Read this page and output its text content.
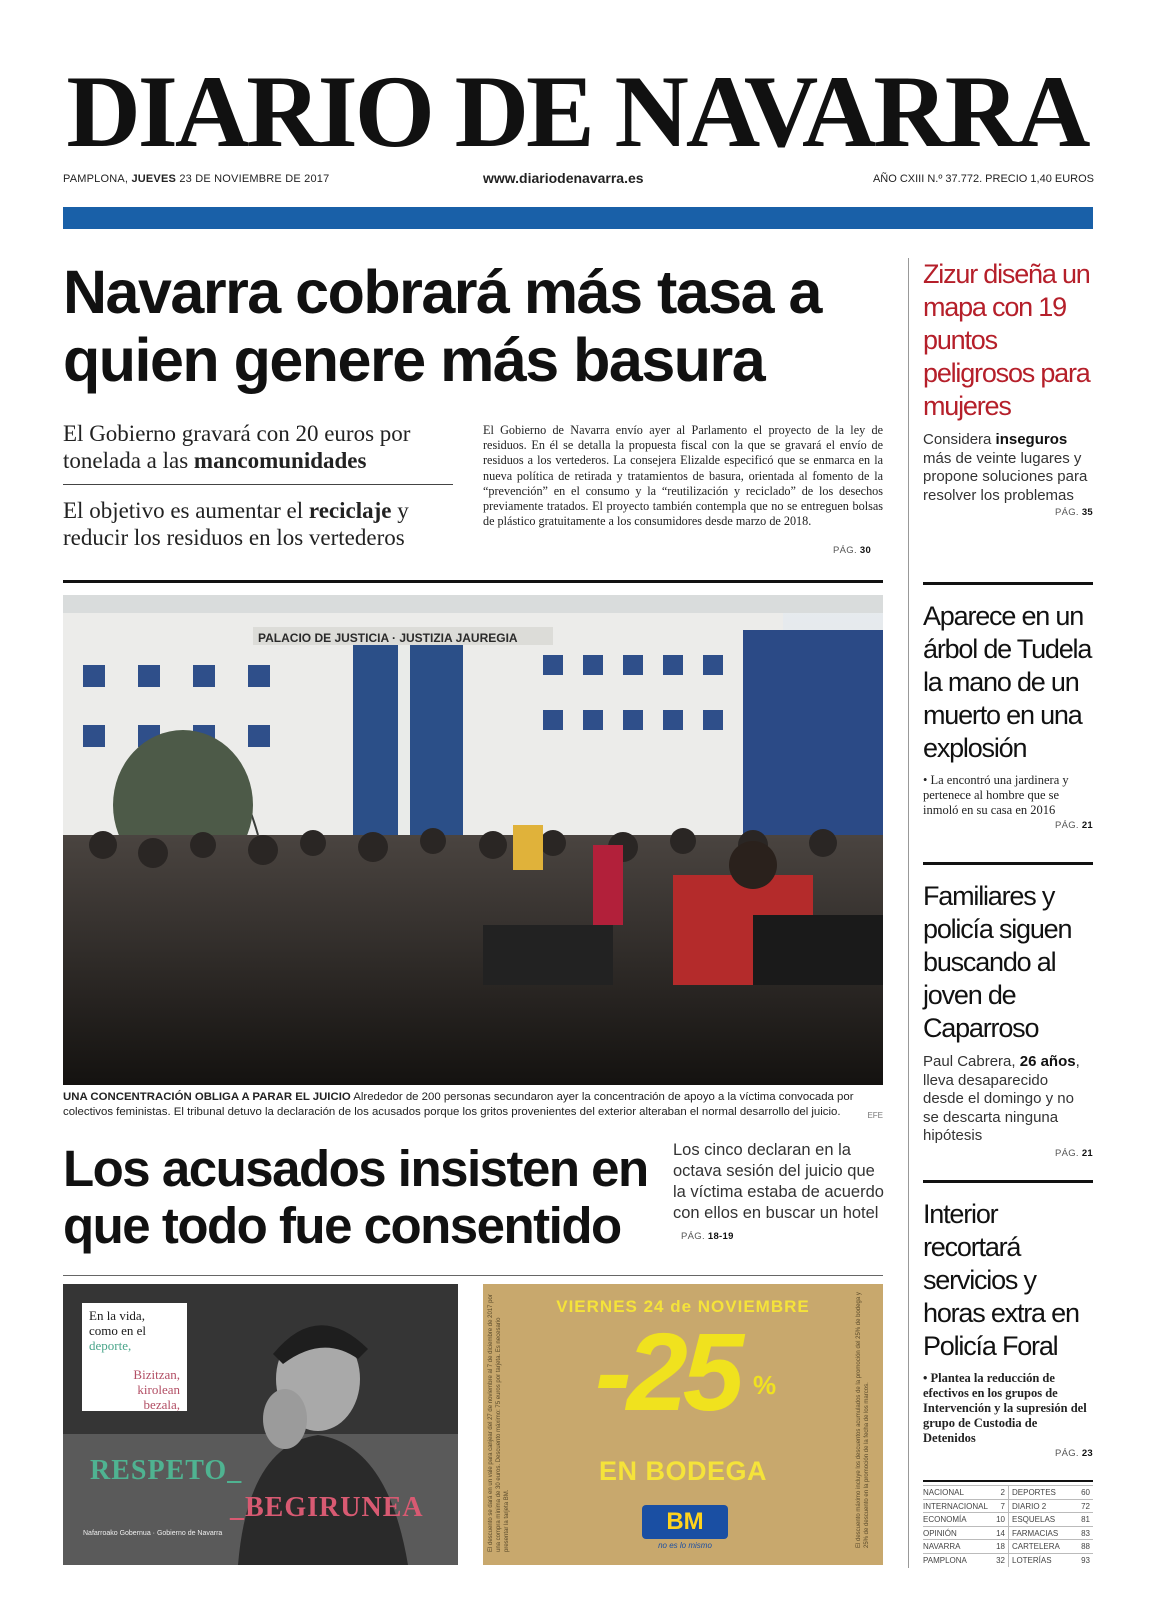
DIARIO DE NAVARRA
PAMPLONA, JUEVES 23 DE NOVIEMBRE DE 2017	www.diariodenavarra.es	AÑO CXIII N.º 37.772. PRECIO 1,40 EUROS
Navarra cobrará más tasa a quien genere más basura
El Gobierno gravará con 20 euros por tonelada a las mancomunidades
El objetivo es aumentar el reciclaje y reducir los residuos en los vertederos

El Gobierno de Navarra envío ayer al Parlamento el proyecto de la ley de residuos. En él se detalla la propuesta fiscal con la que se gravará el envío de residuos a los vertederos. La consejera Elizalde especificó que se enmarca en la nueva política de retirada y tratamientos de basura, orientada al fomento de la “prevención” en el consumo y la “reutilización y reciclado” de los desechos previamente tratados. El proyecto también contempla que no se entreguen bolsas de plástico gratuitamente a los consumidores desde marzo de 2018.

PÁG. 30
PALACIO DE JUSTICIA · JUSTIZIA JAUREGIA
UNA CONCENTRACIÓN OBLIGA A PARAR EL JUICIO Alrededor de 200 personas secundaron ayer la concentración de apoyo a la víctima convocada por colectivos feministas. El tribunal detuvo la declaración de los acusados porque los gritos provenientes del exterior alteraban el normal desarrollo del juicio.	EFE
Los acusados insisten en que todo fue consentido
Los cinco declaran en la octava sesión del juicio que la víctima estaba de acuerdo con ellos en buscar un hotel PÁG. 18-19
En la vida,
como en el
deporte,
Bizitzan,
kirolean
bezala,
RESPETO_
_BEGIRUNEA
Nafarroako Gobernua · Gobierno de Navarra
VIERNES 24 de NOVIEMBRE
-25 %
EN BODEGA
BM
no es lo mismo
El descuento se dará en un vale para canjear del 27 de noviembre al 7 de diciembre de 2017 por una compra mínima de 30 euros. Descuento máximo: 75 euros por tarjeta. Es necesario presentar la tarjeta BM.	El descuento máximo incluye los descuentos acumulados de la promoción del 25% de bodega y 25% de descuento en la promoción de la fecha de los marcos.
Zizur diseña un mapa con 19 puntos peligrosos para mujeres
Considera inseguros más de veinte lugares y propone soluciones para resolver los problemas
PÁG. 35
Aparece en un árbol de Tudela la mano de un muerto en una explosión
• La encontró una jardinera y pertenece al hombre que se inmoló en su casa en 2016
PÁG. 21
Familiares y policía siguen buscando al joven de Caparroso
Paul Cabrera, 26 años, lleva desaparecido desde el domingo y no se descarta ninguna hipótesis
PÁG. 21
Interior recortará servicios y horas extra en Policía Foral
• Plantea la reducción de efectivos en los grupos de Intervención y la supresión del grupo de Custodia de Detenidos
PÁG. 23
NACIONAL	2 DEPORTES	60
INTERNACIONAL 7 DIARIO 2	72
ECONOMÍA	10 ESQUELAS	81
OPINIÓN	14 FARMACIAS	83
NAVARRA	18 CARTELERA	88
PAMPLONA	32 LOTERÍAS	93
